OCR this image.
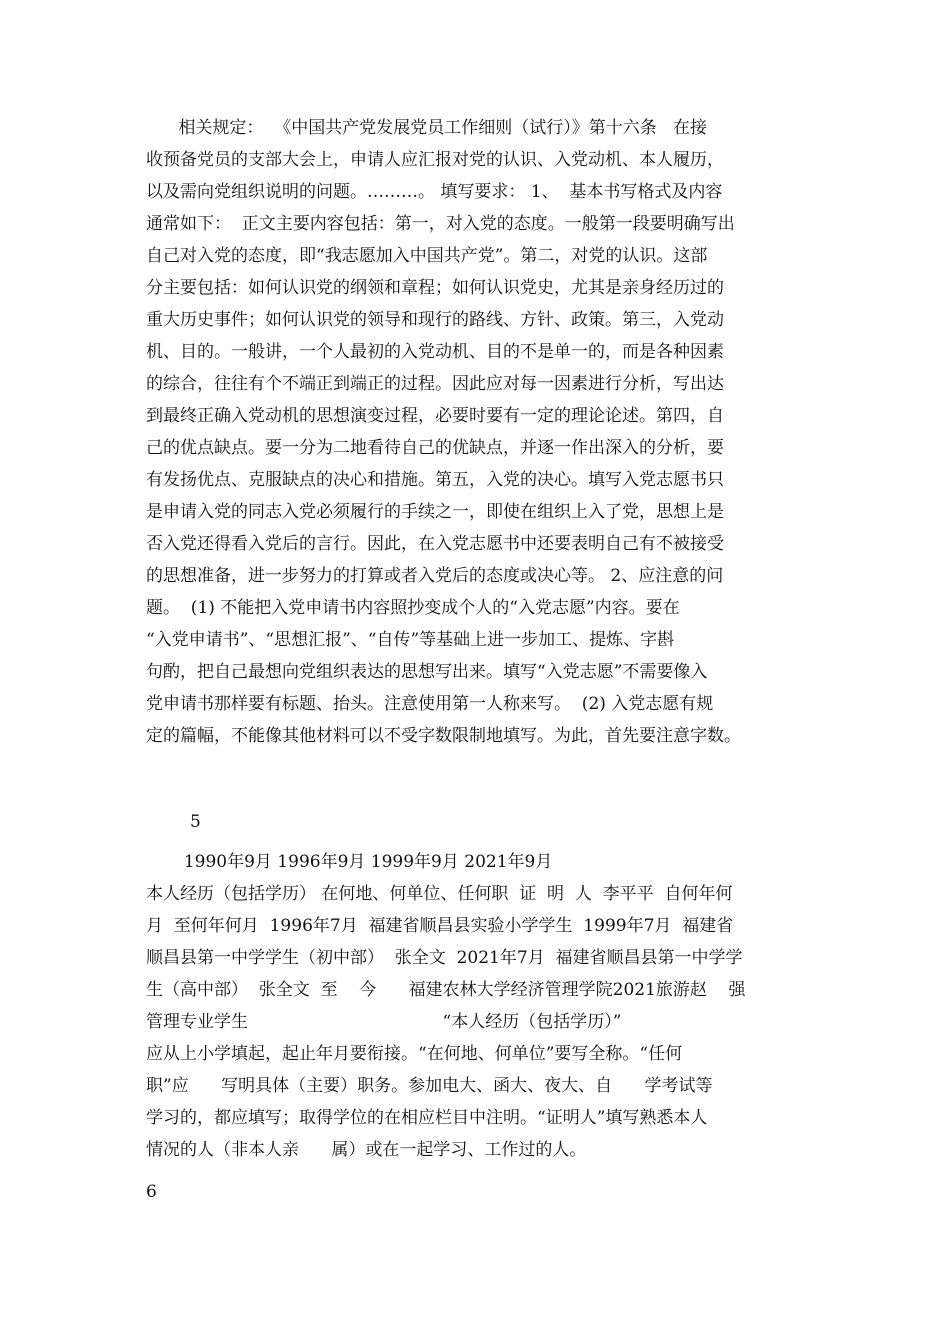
相关规定：  《中国共产党发展党员工作细则（试行）》第十六条   在接
收预备党员的支部大会上，申请人应汇报对党的认识、入党动机、本人履历，
以及需向党组织说明的问题。………。 填写要求： 1、  基本书写格式及内容
通常如下：  正文主要内容包括：第一，对入党的态度。一般第一段要明确写出
自己对入党的态度，即“我志愿加入中国共产党”。第二，对党的认识。这部
分主要包括：如何认识党的纲领和章程；如何认识党史，尤其是亲身经历过的
重大历史事件；如何认识党的领导和现行的路线、方针、政策。第三，入党动
机、目的。一般讲，一个人最初的入党动机、目的不是单一的，而是各种因素
的综合，往往有个不端正到端正的过程。因此应对每一因素进行分析，写出达
到最终正确入党动机的思想演变过程，必要时要有一定的理论论述。第四，自
己的优点缺点。要一分为二地看待自己的优缺点，并逐一作出深入的分析，要
有发扬优点、克服缺点的决心和措施。第五，入党的决心。填写入党志愿书只
是申请入党的同志入党必须履行的手续之一，即使在组织上入了党，思想上是
否入党还得看入党后的言行。因此，在入党志愿书中还要表明自己有不被接受
的思想准备，进一步努力的打算或者入党后的态度或决心等。 2、应注意的问
题。  (1) 不能把入党申请书内容照抄变成个人的“入党志愿”内容。要在
“入党申请书”、“思想汇报”、“自传”等基础上进一步加工、提炼、字斟
句酌，把自己最想向党组织表达的思想写出来。填写“入党志愿”不需要像入
党申请书那样要有标题、抬头。注意使用第一人称来写。  (2) 入党志愿有规
定的篇幅，不能像其他材料可以不受字数限制地填写。为此，首先要注意字数。
5
1990年9月 1996年9月 1999年9月 2021年9月
本人经历（包括学历） 在何地、何单位、任何职  证  明  人  李平平  自何年何
月  至何年何月  1996年7月  福建省顺昌县实验小学学生  1999年7月  福建省
顺昌县第一中学学生（初中部）  张全文  2021年7月  福建省顺昌县第一中学学
生（高中部）  张全文  至    今      福建农林大学经济管理学院2021旅游赵    强
管理专业学生                                    “本人经历（包括学历）”
应从上小学填起，起止年月要衔接。“在何地、何单位”要写全称。“任何
职”应      写明具体（主要）职务。参加电大、函大、夜大、自      学考试等
学习的，都应填写；取得学位的在相应栏目中注明。“证明人”填写熟悉本人
情况的人（非本人亲      属）或在一起学习、工作过的人。
6
